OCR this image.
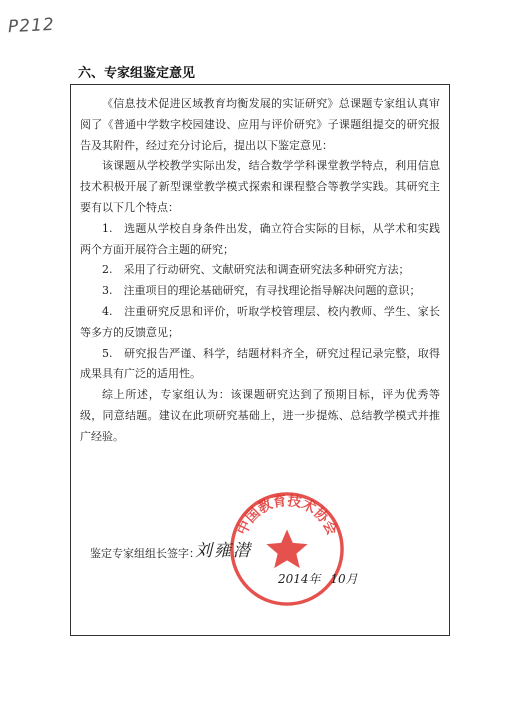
P212
六、专家组鉴定意见

《信息技术促进区域教育均衡发展的实证研究》总课题专家组认真审阅了《普通中学数字校园建设、应用与评价研究》子课题组提交的研究报告及其附件，经过充分讨论后，提出以下鉴定意见：

该课题从学校教学实际出发，结合数学学科课堂教学特点，利用信息技术积极开展了新型课堂教学模式探索和课程整合等教学实践。其研究主要有以下几个特点：

1.　选题从学校自身条件出发，确立符合实际的目标，从学术和实践两个方面开展符合主题的研究；

2.　采用了行动研究、文献研究法和调查研究法多种研究方法；

3.　注重项目的理论基础研究，有寻找理论指导解决问题的意识；

4.　注重研究反思和评价，听取学校管理层、校内教师、学生、家长等多方的反馈意见；

5.　研究报告严谨、科学，结题材料齐全，研究过程记录完整，取得成果具有广泛的适用性。

综上所述，专家组认为：该课题研究达到了预期目标，评为优秀等级，同意结题。建议在此项研究基础上，进一步提炼、总结教学模式并推广经验。

中国教育技术协会
鉴定专家组组长签字：
刘雍潜
2014年 10月
